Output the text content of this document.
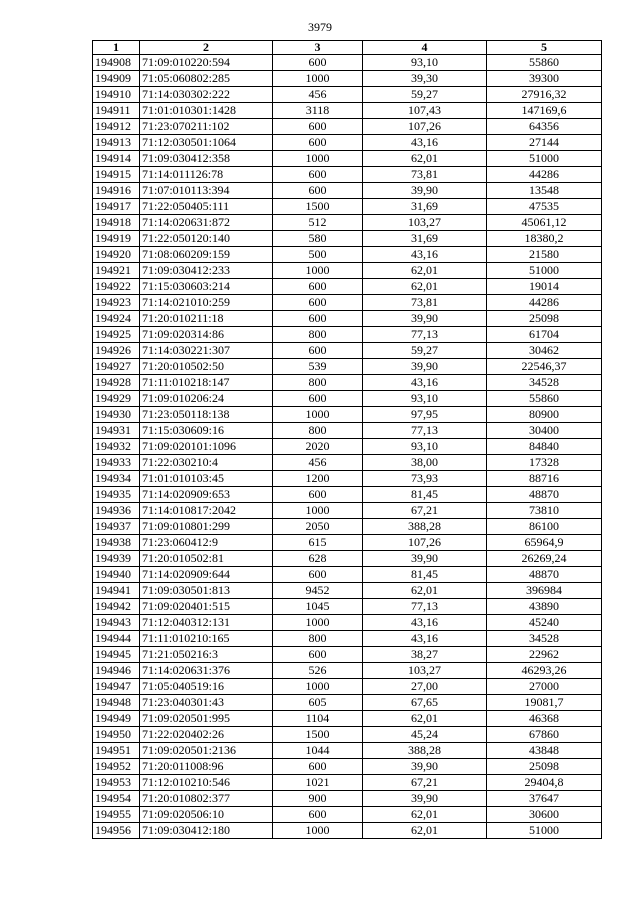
3979
1	2	3	4	5
194908	71:09:010220:594	600	93,10	55860
194909	71:05:060802:285	1000	39,30	39300
194910	71:14:030302:222	456	59,27	27916,32
194911	71:01:010301:1428	3118	107,43	147169,6
194912	71:23:070211:102	600	107,26	64356
194913	71:12:030501:1064	600	43,16	27144
194914	71:09:030412:358	1000	62,01	51000
194915	71:14:011126:78	600	73,81	44286
194916	71:07:010113:394	600	39,90	13548
194917	71:22:050405:111	1500	31,69	47535
194918	71:14:020631:872	512	103,27	45061,12
194919	71:22:050120:140	580	31,69	18380,2
194920	71:08:060209:159	500	43,16	21580
194921	71:09:030412:233	1000	62,01	51000
194922	71:15:030603:214	600	62,01	19014
194923	71:14:021010:259	600	73,81	44286
194924	71:20:010211:18	600	39,90	25098
194925	71:09:020314:86	800	77,13	61704
194926	71:14:030221:307	600	59,27	30462
194927	71:20:010502:50	539	39,90	22546,37
194928	71:11:010218:147	800	43,16	34528
194929	71:09:010206:24	600	93,10	55860
194930	71:23:050118:138	1000	97,95	80900
194931	71:15:030609:16	800	77,13	30400
194932	71:09:020101:1096	2020	93,10	84840
194933	71:22:030210:4	456	38,00	17328
194934	71:01:010103:45	1200	73,93	88716
194935	71:14:020909:653	600	81,45	48870
194936	71:14:010817:2042	1000	67,21	73810
194937	71:09:010801:299	2050	388,28	86100
194938	71:23:060412:9	615	107,26	65964,9
194939	71:20:010502:81	628	39,90	26269,24
194940	71:14:020909:644	600	81,45	48870
194941	71:09:030501:813	9452	62,01	396984
194942	71:09:020401:515	1045	77,13	43890
194943	71:12:040312:131	1000	43,16	45240
194944	71:11:010210:165	800	43,16	34528
194945	71:21:050216:3	600	38,27	22962
194946	71:14:020631:376	526	103,27	46293,26
194947	71:05:040519:16	1000	27,00	27000
194948	71:23:040301:43	605	67,65	19081,7
194949	71:09:020501:995	1104	62,01	46368
194950	71:22:020402:26	1500	45,24	67860
194951	71:09:020501:2136	1044	388,28	43848
194952	71:20:011008:96	600	39,90	25098
194953	71:12:010210:546	1021	67,21	29404,8
194954	71:20:010802:377	900	39,90	37647
194955	71:09:020506:10	600	62,01	30600
194956	71:09:030412:180	1000	62,01	51000
